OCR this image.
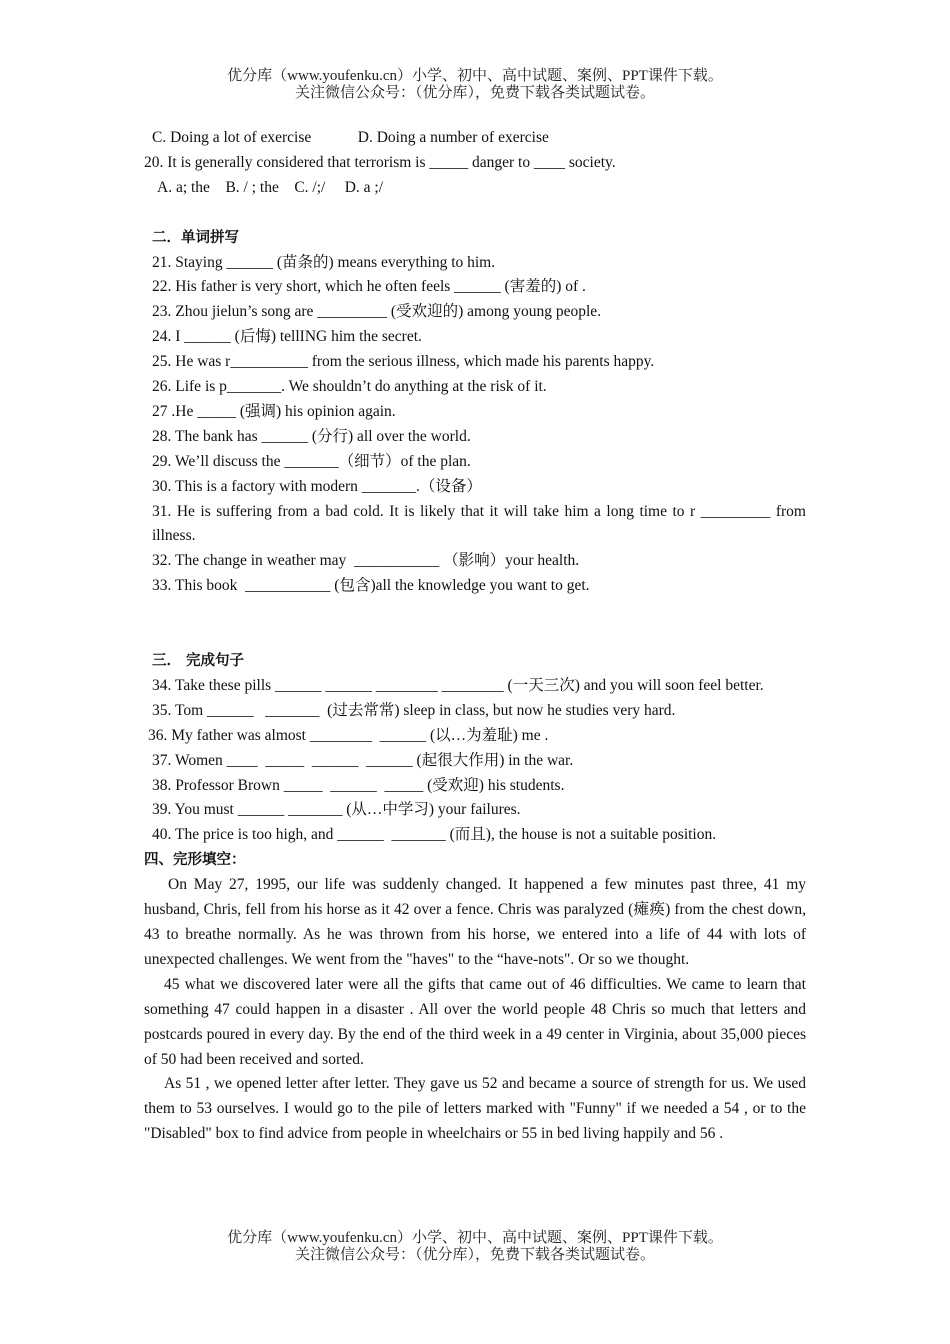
优分库（www.youfenku.cn）小学、初中、高中试题、案例、PPT课件下载。
关注微信公众号：（优分库），免费下载各类试题试卷。
C. Doing a lot of exercise            D. Doing a number of exercise
20. It is generally considered that terrorism is _____ danger to ____ society.
A. a; the    B. / ; the    C. /;/     D. a ;/
二．单词拼写
21. Staying ______ (苗条的) means everything to him.
22. His father is very short, which he often feels ______ (害羞的) of .
23. Zhou jielun’s song are _________ (受欢迎的) among young people.
24. I ______ (后悔) tellING him the secret.
25. He was r__________ from the serious illness, which made his parents happy.
26. Life is p_______. We shouldn’t do anything at the risk of it.
27 .He _____ (强调) his opinion again.
28. The bank has ______ (分行) all over the world.
29. We’ll discuss the _______（细节）of the plan.
30. This is a factory with modern _______.（设备）
31. He is suffering from a bad cold. It is likely that it will take him a long time to r _________ from illness.
32. The change in weather may  ___________ （影响）your health.
33. This book  ___________ (包含)all the knowledge you want to get.
三． 完成句子
34. Take these pills ______ ______ ________ ________ (一天三次) and you will soon feel better.
35. Tom ______   _______  (过去常常) sleep in class, but now he studies very hard.
36. My father was almost ________  ______ (以…为羞耻) me .
37. Women ____  _____  ______  ______ (起很大作用) in the war.
38. Professor Brown _____  ______  _____ (受欢迎) his students.
39. You must ______ _______ (从…中学习) your failures.
40. The price is too high, and ______  _______ (而且), the house is not a suitable position.
四、完形填空：
On May 27, 1995, our life was suddenly changed. It happened a few minutes past three, 41 my husband, Chris, fell from his horse as it 42 over a fence. Chris was paralyzed (瘫痪) from the chest down, 43 to breathe normally. As he was thrown from his horse, we entered into a life of 44 with lots of unexpected challenges. We went from the "haves" to the “have-nots". Or so we thought.
45 what we discovered later were all the gifts that came out of 46 difficulties. We came to learn that something 47 could happen in a disaster . All over the world people 48 Chris so much that letters and postcards poured in every day. By the end of the third week in a 49 center in Virginia, about 35,000 pieces of 50 had been received and sorted.
As 51 , we opened letter after letter. They gave us 52 and became a source of strength for us. We used them to 53 ourselves. I would go to the pile of letters marked with "Funny" if we needed a 54 , or to the "Disabled" box to find advice from people in wheelchairs or 55 in bed living happily and 56 .
优分库（www.youfenku.cn）小学、初中、高中试题、案例、PPT课件下载。
关注微信公众号：（优分库），免费下载各类试题试卷。
